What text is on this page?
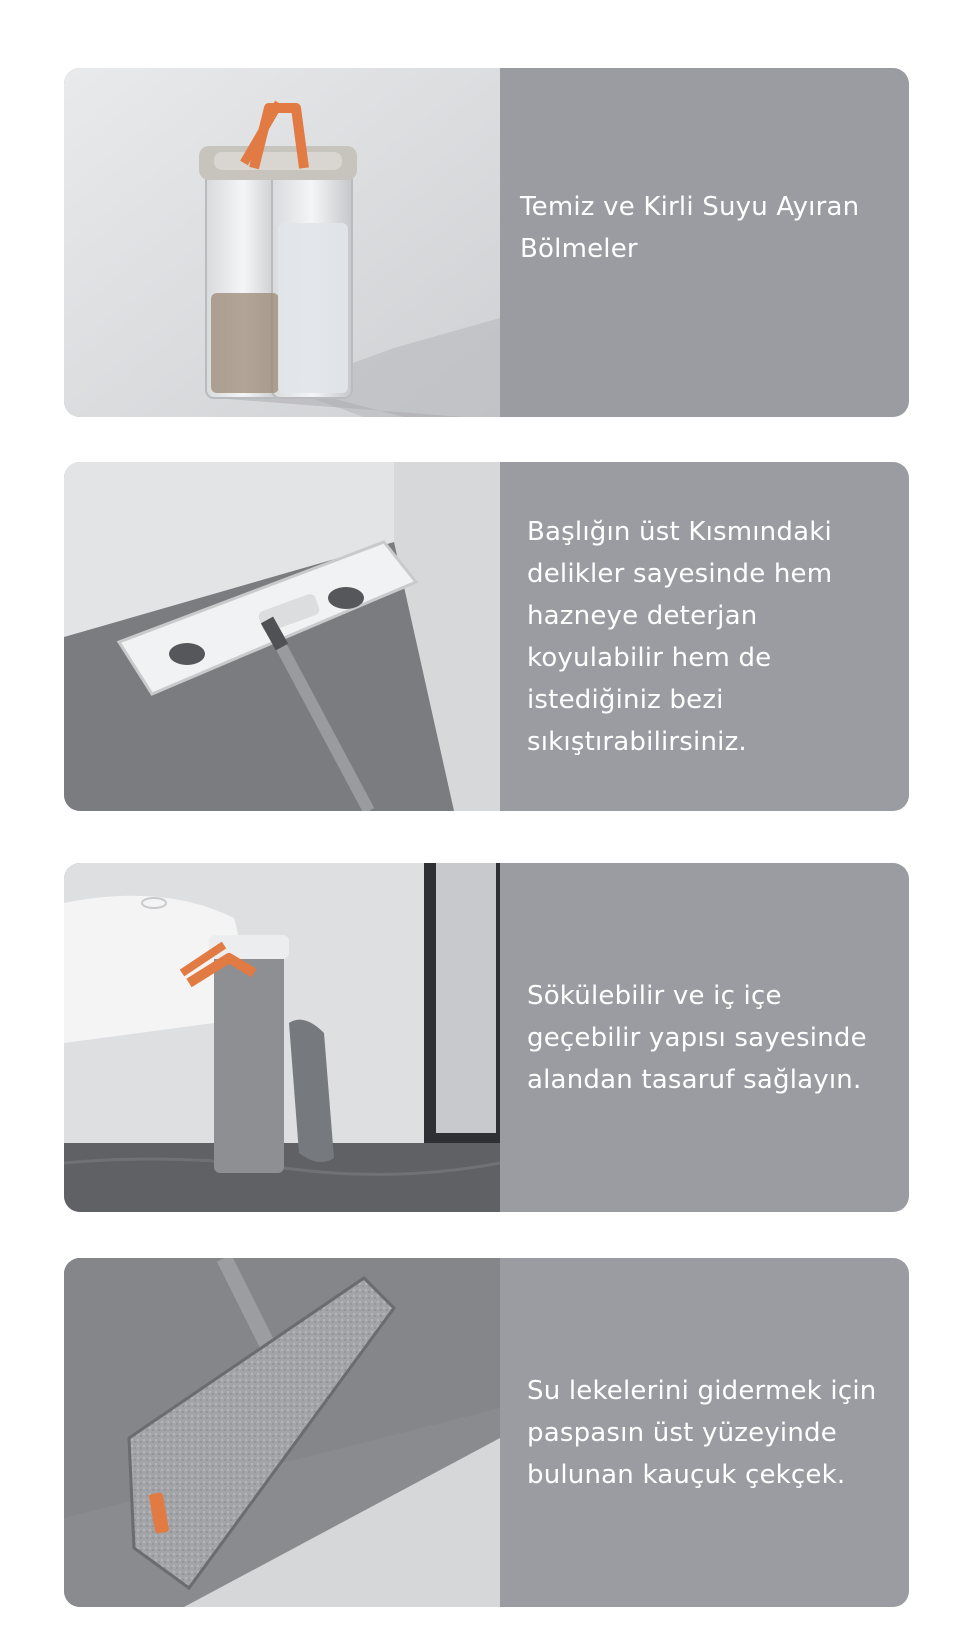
Temiz ve Kirli Suyu Ayıran Bölmeler
Başlığın üst Kısmındaki delikler sayesinde hem hazneye deterjan koyulabilir hem de istediğiniz bezi sıkıştırabilirsiniz.
Sökülebilir ve iç içe geçebilir yapısı sayesinde alandan tasaruf sağlayın.
Su lekelerini gidermek için paspasın üst yüzeyinde bulunan kauçuk çekçek.
